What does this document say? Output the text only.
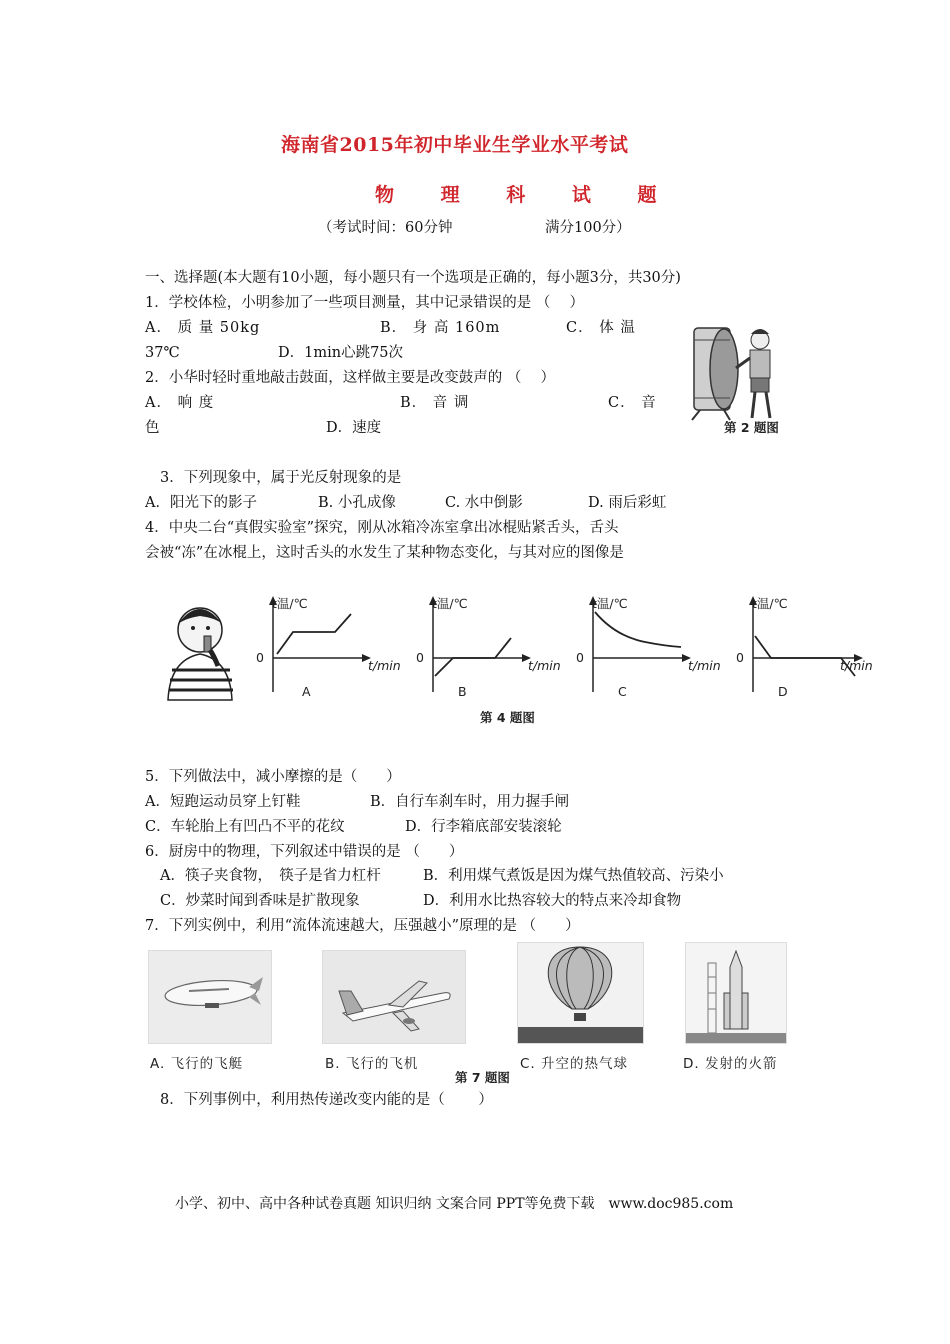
海南省2015年初中毕业生学业水平考试
物 理 科 试 题
（考试时间：60分钟	满分100分）
一、选择题(本大题有10小题，每小题只有一个选项是正确的，每小题3分，共30分)
1．学校体检，小明参加了一些项目测量，其中记录错误的是 （　 ）
A． 质 量 50kg	B． 身 高 160m	C． 体 温
37℃	D．1min心跳75次
2．小华时轻时重地敲击鼓面，这样做主要是改变鼓声的 （　 ）
A． 响 度	B． 音 调	C． 音
色	D．速度	第 2 题图
3．下列现象中，属于光反射现象的是
A．阳光下的影子	B. 小孔成像	C. 水中倒影	D. 雨后彩虹
4．中央二台“真假实验室”探究，刚从冰箱冷冻室拿出冰棍贴紧舌头，舌头
会被“冻”在冰棍上，这时舌头的水发生了某种物态变化，与其对应的图像是
t温/℃
0
t/min
A
t温/℃
0
t/min
B
第 4 题图
t温/℃
0
t/min
C
t温/℃
0
t/min
D
5．下列做法中，减小摩擦的是（　　）
A．短跑运动员穿上钉鞋	B．自行车刹车时，用力握手闸
C．车轮胎上有凹凸不平的花纹	D．行李箱底部安装滚轮
6．厨房中的物理，下列叙述中错误的是 （　　）
A．筷子夹食物，　筷子是省力杠杆	B．利用煤气煮饭是因为煤气热值较高、污染小
C．炒菜时闻到香味是扩散现象	D．利用水比热容较大的特点来冷却食物
7．下列实例中，利用“流体流速越大，压强越小”原理的是 （　　）
A. 飞行的飞艇	B. 飞行的飞机	C. 升空的热气球	D. 发射的火箭
第 7 题图
8．下列事例中，利用热传递改变内能的是（　　 ）
小学、初中、高中各种试卷真题 知识归纳 文案合同 PPT等免费下载　www.doc985.com
